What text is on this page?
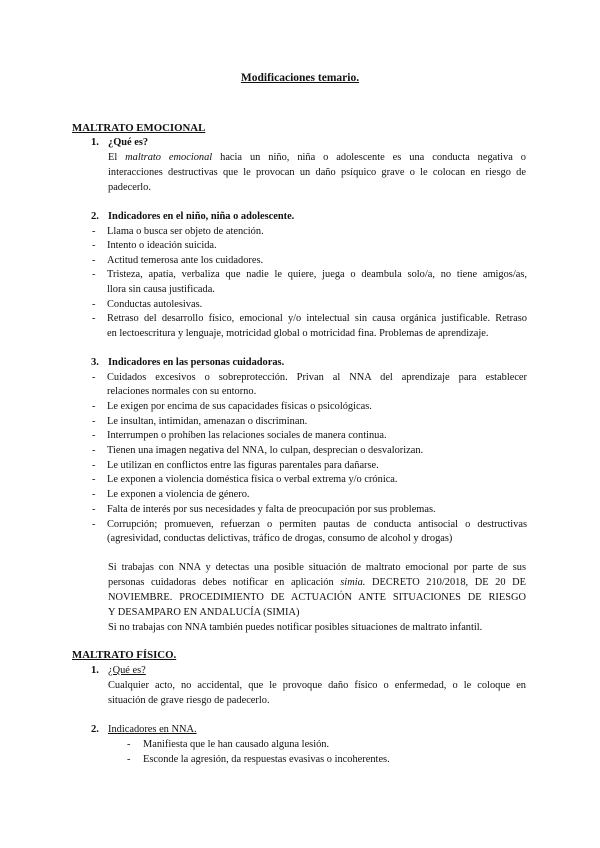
Modificaciones temario.
MALTRATO EMOCIONAL
1. ¿Qué es?
El maltrato emocional hacia un niño, niña o adolescente es una conducta negativa o
interacciones destructivas que le provocan un daño psíquico grave o le colocan en riesgo de
padecerlo.
2. Indicadores en el niño, niña o adolescente.
- Llama o busca ser objeto de atención.
- Intento o ideación suicida.
- Actitud temerosa ante los cuidadores.
- Tristeza, apatía, verbaliza que nadie le quiere, juega o deambula solo/a, no tiene amigos/as,
llora sin causa justificada.
- Conductas autolesivas.
- Retraso del desarrollo físico, emocional y/o intelectual sin causa orgánica justificable. Retraso
en lectoescritura y lenguaje, motricidad global o motricidad fina. Problemas de aprendizaje.
3. Indicadores en las personas cuidadoras.
- Cuidados excesivos o sobreprotección. Privan al NNA del aprendizaje para establecer
relaciones normales con su entorno.
- Le exigen por encima de sus capacidades físicas o psicológicas.
- Le insultan, intimidan, amenazan o discriminan.
- Interrumpen o prohíben las relaciones sociales de manera continua.
- Tienen una imagen negativa del NNA, lo culpan, desprecian o desvalorizan.
- Le utilizan en conflictos entre las figuras parentales para dañarse.
- Le exponen a violencia doméstica física o verbal extrema y/o crónica.
- Le exponen a violencia de género.
- Falta de interés por sus necesidades y falta de preocupación por sus problemas.
- Corrupción; promueven, refuerzan o permiten pautas de conducta antisocial o destructivas
(agresividad, conductas delictivas, tráfico de drogas, consumo de alcohol y drogas)
Si trabajas con NNA y detectas una posible situación de maltrato emocional por parte de sus
personas cuidadoras debes notificar en aplicación simia. DECRETO 210/2018, DE 20 DE
NOVIEMBRE. PROCEDIMIENTO DE ACTUACIÓN ANTE SITUACIONES DE RIESGO
Y DESAMPARO EN ANDALUCÍA (SIMIA)
Si no trabajas con NNA también puedes notificar posibles situaciones de maltrato infantil.
MALTRATO FÍSICO.
1. ¿Qué es?
Cualquier acto, no accidental, que le provoque daño físico o enfermedad, o le coloque en
situación de grave riesgo de padecerlo.
2. Indicadores en NNA.
- Manifiesta que le han causado alguna lesión.
- Esconde la agresión, da respuestas evasivas o incoherentes.
